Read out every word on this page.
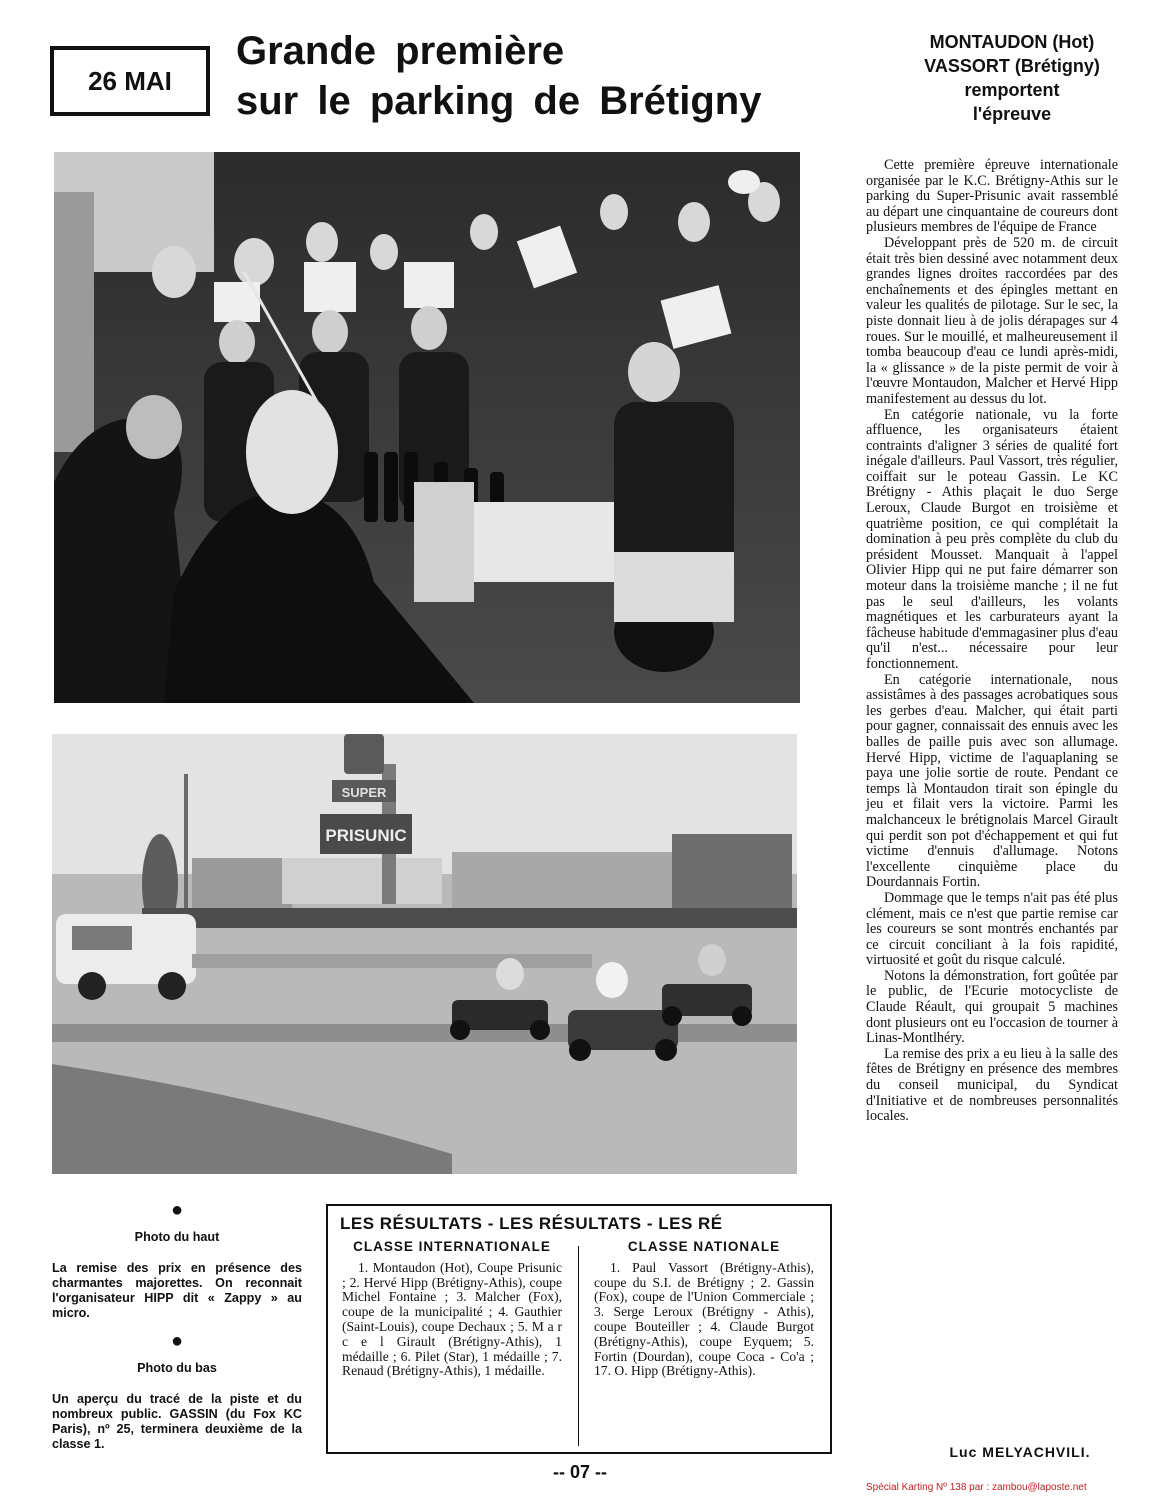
26 MAI
Grande première
sur le parking de Brétigny
MONTAUDON (Hot)
VASSORT (Brétigny)
remportent
l'épreuve
SUPER
PRISUNIC

Cette première épreuve internationale organisée par le K.C. Brétigny-Athis sur le parking du Super-Prisunic avait rassemblé au départ une cinquantaine de coureurs dont plusieurs membres de l'équipe de France

Développant près de 520 m. de circuit était très bien dessiné avec notamment deux grandes lignes droites raccordées par des enchaînements et des épingles mettant en valeur les qualités de pilotage. Sur le sec, la piste donnait lieu à de jolis dérapages sur 4 roues. Sur le mouillé, et malheureusement il tomba beaucoup d'eau ce lundi après-midi, la « glissance » de la piste permit de voir à l'œuvre Montaudon, Malcher et Hervé Hipp manifestement au dessus du lot.

En catégorie nationale, vu la forte affluence, les organisateurs étaient contraints d'aligner 3 séries de qualité fort inégale d'ailleurs. Paul Vassort, très régulier, coiffait sur le poteau Gassin. Le KC Brétigny - Athis plaçait le duo Serge Leroux, Claude Burgot en troisième et quatrième position, ce qui complétait la domination à peu près complète du club du président Mousset. Manquait à l'appel Olivier Hipp qui ne put faire démarrer son moteur dans la troisième manche ; il ne fut pas le seul d'ailleurs, les volants magnétiques et les carburateurs ayant la fâcheuse habitude d'emmagasiner plus d'eau qu'il n'est... nécessaire pour leur fonctionnement.

En catégorie internationale, nous assistâmes à des passages acrobatiques sous les gerbes d'eau. Malcher, qui était parti pour gagner, connaissait des ennuis avec les balles de paille puis avec son allumage. Hervé Hipp, victime de l'aquaplaning se paya une jolie sortie de route. Pendant ce temps là Montaudon tirait son épingle du jeu et filait vers la victoire. Parmi les malchanceux le brétignolais Marcel Girault qui perdit son pot d'échappement et qui fut victime d'ennuis d'allumage. Notons l'excellente cinquième place du Dourdannais Fortin.

Dommage que le temps n'ait pas été plus clément, mais ce n'est que partie remise car les coureurs se sont montrés enchantés par ce circuit conciliant à la fois rapidité, virtuosité et goût du risque calculé.

Notons la démonstration, fort goûtée par le public, de l'Ecurie motocycliste de Claude Réault, qui groupait 5 machines dont plusieurs ont eu l'occasion de tourner à Linas-Montlhéry.

La remise des prix a eu lieu à la salle des fêtes de Brétigny en présence des membres du conseil municipal, du Syndicat d'Initiative et de nombreuses personnalités locales.

Luc MELYACHVILI.
●
Photo du haut
La remise des prix en présence des charmantes majorettes. On reconnait l'organisateur HIPP dit « Zappy » au micro.
●
Photo du bas
Un aperçu du tracé de la piste et du nombreux public. GASSIN (du Fox KC Paris), nº 25, terminera deuxième de la classe 1.
LES RÉSULTATS - LES RÉSULTATS - LES RÉ
CLASSE INTERNATIONALE
1. Montaudon (Hot), Coupe Prisunic ; 2. Hervé Hipp (Brétigny-Athis), coupe Michel Fontaine ; 3. Malcher (Fox), coupe de la municipalité ; 4. Gauthier (Saint-Louis), coupe Dechaux ; 5. M a r c e l Girault (Brétigny-Athis), 1 médaille ; 6. Pilet (Star), 1 médaille ; 7. Renaud (Brétigny-Athis), 1 médaille.
CLASSE NATIONALE
1. Paul Vassort (Brétigny-Athis), coupe du S.I. de Brétigny ; 2. Gassin (Fox), coupe de l'Union Commerciale ; 3. Serge Leroux (Brétigny - Athis), coupe Bouteiller ; 4. Claude Burgot (Brétigny-Athis), coupe Eyquem; 5. Fortin (Dourdan), coupe Coca - Co'a ; 17. O. Hipp (Brétigny-Athis).
-- 07 --
Spécial Karting Nº 138 par : zambou@laposte.net
